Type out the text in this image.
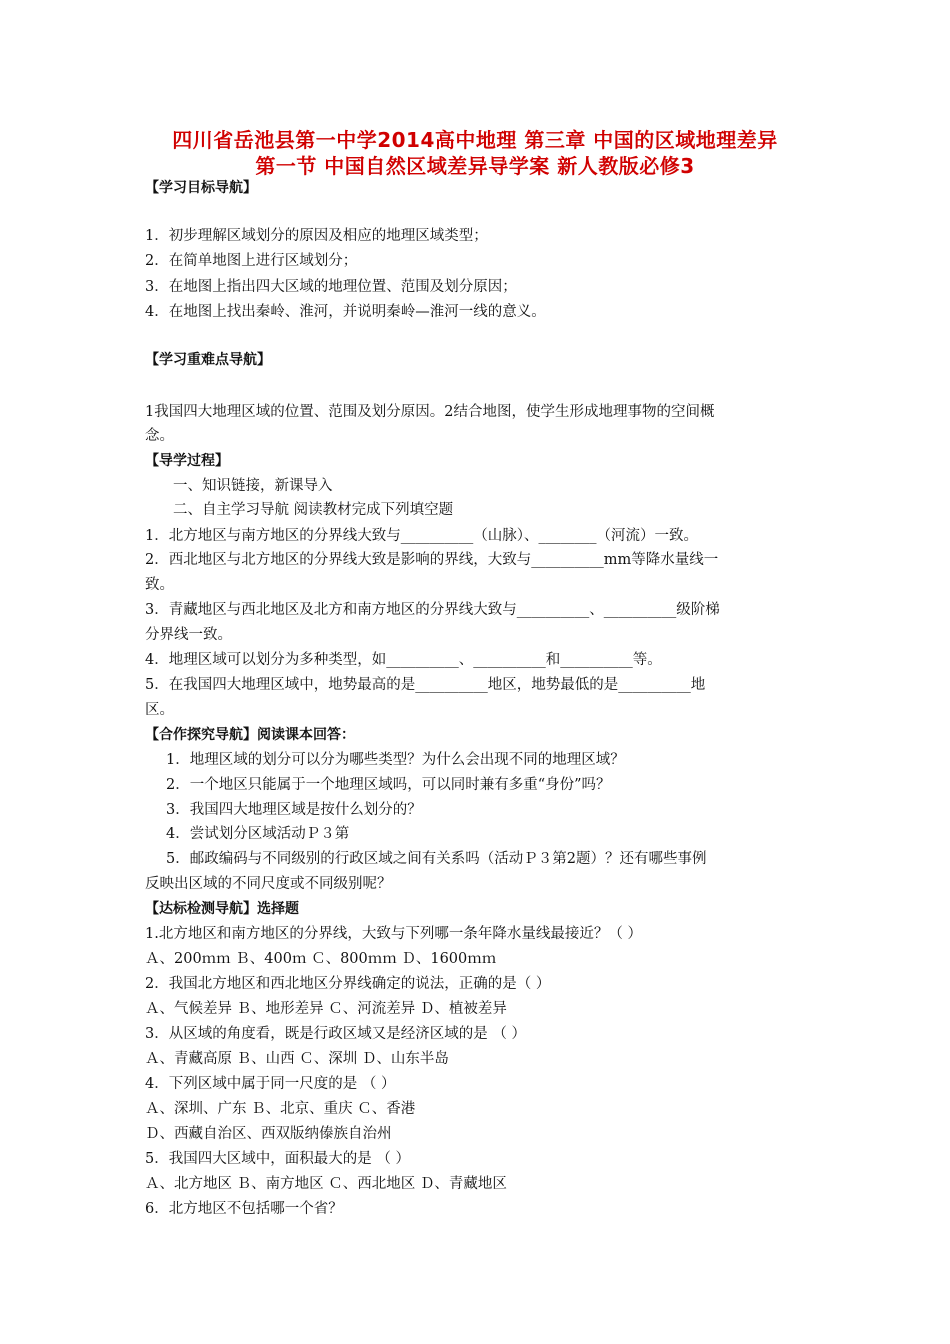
四川省岳池县第一中学2014高中地理 第三章 中国的区域地理差异
第一节 中国自然区域差异导学案 新人教版必修3
【学习目标导航】
1．初步理解区域划分的原因及相应的地理区域类型；
2．在简单地图上进行区域划分；
3．在地图上指出四大区域的地理位置、范围及划分原因；
4．在地图上找出秦岭、淮河，并说明秦岭—淮河一线的意义。
【学习重难点导航】
1我国四大地理区域的位置、范围及划分原因。2结合地图，使学生形成地理事物的空间概
念。
【导学过程】
一、知识链接，新课导入
二、自主学习导航 阅读教材完成下列填空题
1．北方地区与南方地区的分界线大致与__________（山脉）、________（河流）一致。
2．西北地区与北方地区的分界线大致是影响的界线，大致与__________mm等降水量线一
致。
3．青藏地区与西北地区及北方和南方地区的分界线大致与__________、__________级阶梯
分界线一致。
4．地理区域可以划分为多种类型，如__________、__________和__________等。
5．在我国四大地理区域中，地势最高的是__________地区，地势最低的是__________地
区。
【合作探究导航】阅读课本回答：
1．地理区域的划分可以分为哪些类型？为什么会出现不同的地理区域？
2．一个地区只能属于一个地理区域吗，可以同时兼有多重“身份”吗？
3．我国四大地理区域是按什么划分的？
4．尝试划分区域活动Ｐ３第
5．邮政编码与不同级别的行政区域之间有关系吗（活动Ｐ３第2题）？还有哪些事例
反映出区域的不同尺度或不同级别呢？
【达标检测导航】选择题
1.北方地区和南方地区的分界线，大致与下列哪一条年降水量线最接近？（ ）
Ａ、200ｍｍ Ｂ、400ｍ Ｃ、800ｍｍ Ｄ、1600ｍｍ
2．我国北方地区和西北地区分界线确定的说法，正确的是（ ）
Ａ、气候差异 Ｂ、地形差异 Ｃ、河流差异 Ｄ、植被差异
3．从区域的角度看，既是行政区域又是经济区域的是 （ ）
Ａ、青藏高原 Ｂ、山西 Ｃ、深圳 Ｄ、山东半岛
4．下列区域中属于同一尺度的是 （ ）
Ａ、深圳、广东 Ｂ、北京、重庆 Ｃ、香港
Ｄ、西藏自治区、西双版纳傣族自治州
5．我国四大区域中，面积最大的是 （ ）
Ａ、北方地区 Ｂ、南方地区 Ｃ、西北地区 Ｄ、青藏地区
6．北方地区不包括哪一个省？
